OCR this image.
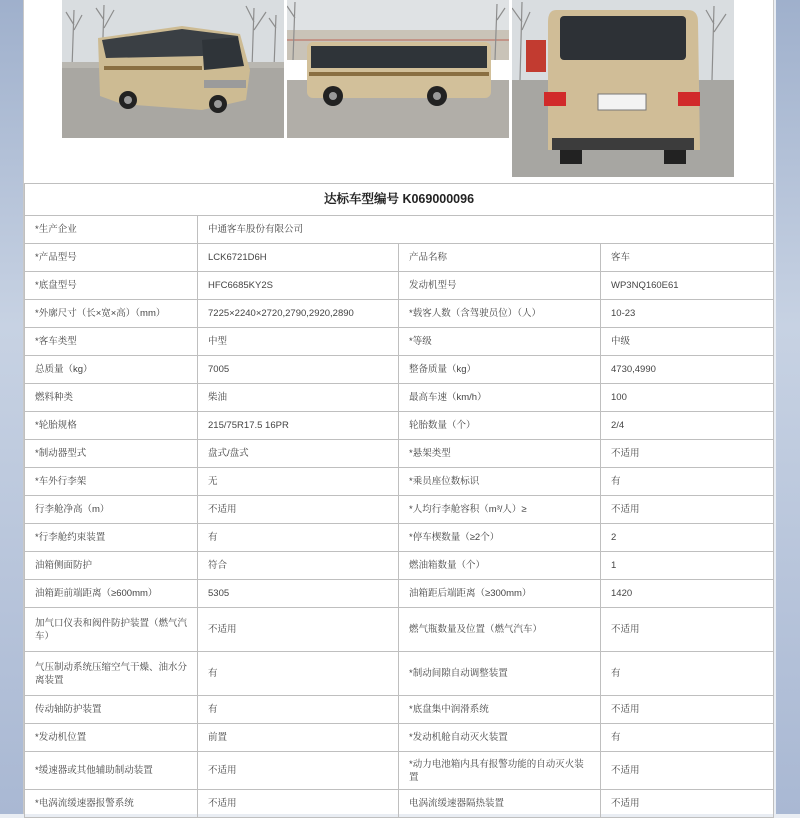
达标车型编号 K069000096			
*生产企业	中通客车股份有限公司		
*产品型号	LCK6721D6H	产品名称	客车
*底盘型号	HFC6685KY2S	发动机型号	WP3NQ160E61
*外廓尺寸（长×宽×高）（mm）	7225×2240×2720,2790,2920,2890	*载客人数（含驾驶员位）（人）	10-23
*客车类型	中型	*等级	中级
总质量（kg）	7005	整备质量（kg）	4730,4990
燃料种类	柴油	最高车速（km/h）	100
*轮胎规格	215/75R17.5 16PR	轮胎数量（个）	2/4
*制动器型式	盘式/盘式	*悬架类型	不适用
*车外行李架	无	*乘员座位数标识	有
行李舱净高（m）	不适用	*人均行李舱容积（m³/人）≥	不适用
*行李舱约束装置	有	*停车楔数量（≥2个）	2
油箱侧面防护	符合	燃油箱数量（个）	1
油箱距前端距离（≥600mm）	5305	油箱距后端距离（≥300mm）	1420
加气口仪表和阀件防护装置（燃气汽车）	不适用	燃气瓶数量及位置（燃气汽车）	不适用
气压制动系统压缩空气干燥、油水分离装置	有	*制动间隙自动调整装置	有
传动轴防护装置	有	*底盘集中润滑系统	不适用
*发动机位置	前置	*发动机舱自动灭火装置	有
*缓速器或其他辅助制动装置	不适用	*动力电池箱内具有报警功能的自动灭火装置	不适用
*电涡流缓速器报警系统	不适用	电涡流缓速器隔热装置	不适用
